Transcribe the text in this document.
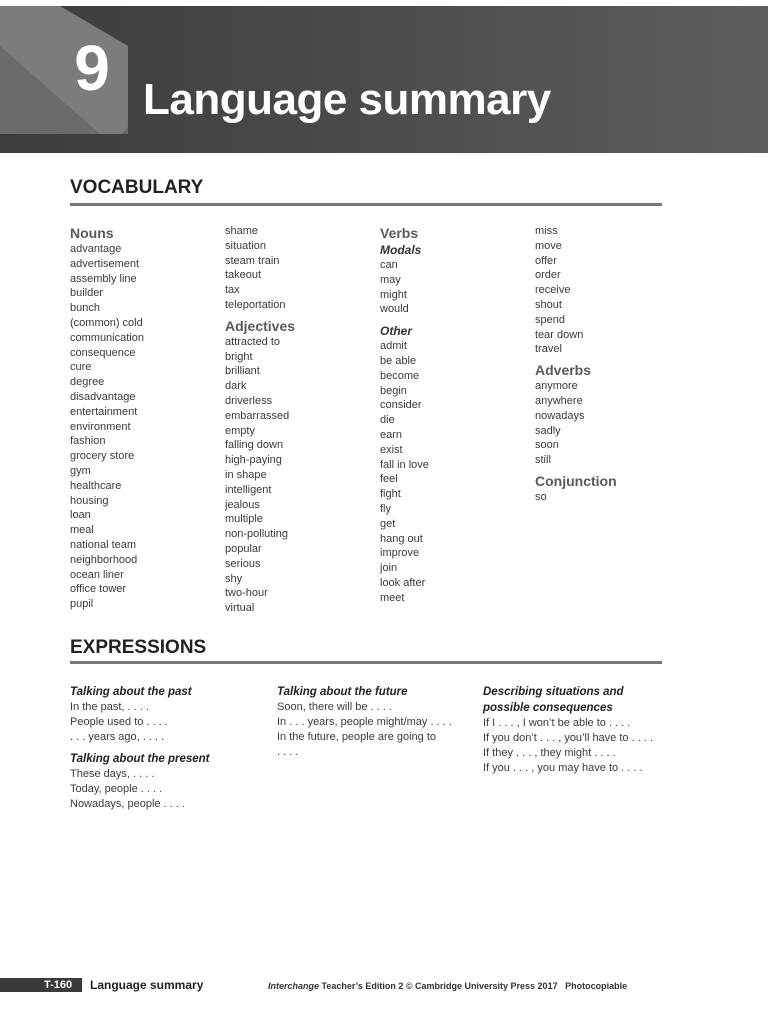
9 Language summary
VOCABULARY
Nouns
advantage
advertisement
assembly line
builder
bunch
(common) cold
communication
consequence
cure
degree
disadvantage
entertainment
environment
fashion
grocery store
gym
healthcare
housing
loan
meal
national team
neighborhood
ocean liner
office tower
pupil
shame
situation
steam train
takeout
tax
teleportation
Adjectives
attracted to
bright
brilliant
dark
driverless
embarrassed
empty
falling down
high-paying
in shape
intelligent
jealous
multiple
non-polluting
popular
serious
shy
two-hour
virtual
Verbs
Modals
can
may
might
would
Other
admit
be able
become
begin
consider
die
earn
exist
fall in love
feel
fight
fly
get
hang out
improve
join
look after
meet
miss
move
offer
order
receive
shout
spend
tear down
travel
Adverbs
anymore
anywhere
nowadays
sadly
soon
still
Conjunction
so
EXPRESSIONS
Talking about the past
In the past, . . . .
People used to . . . .
. . . years ago, . . . .
Talking about the present
These days, . . . .
Today, people . . . .
Nowadays, people . . . .
Talking about the future
Soon, there will be . . . .
In . . . years, people might/may . . . .
In the future, people are going to
. . . .
Describing situations and
possible consequences
If I . . . , I won’t be able to . . . .
If you don’t . . . , you’ll have to . . . .
If they . . . , they might . . . .
If you . . . , you may have to . . . .
T-160 Language summary	Interchange Teacher’s Edition 2 © Cambridge University Press 2017 Photocopiable
